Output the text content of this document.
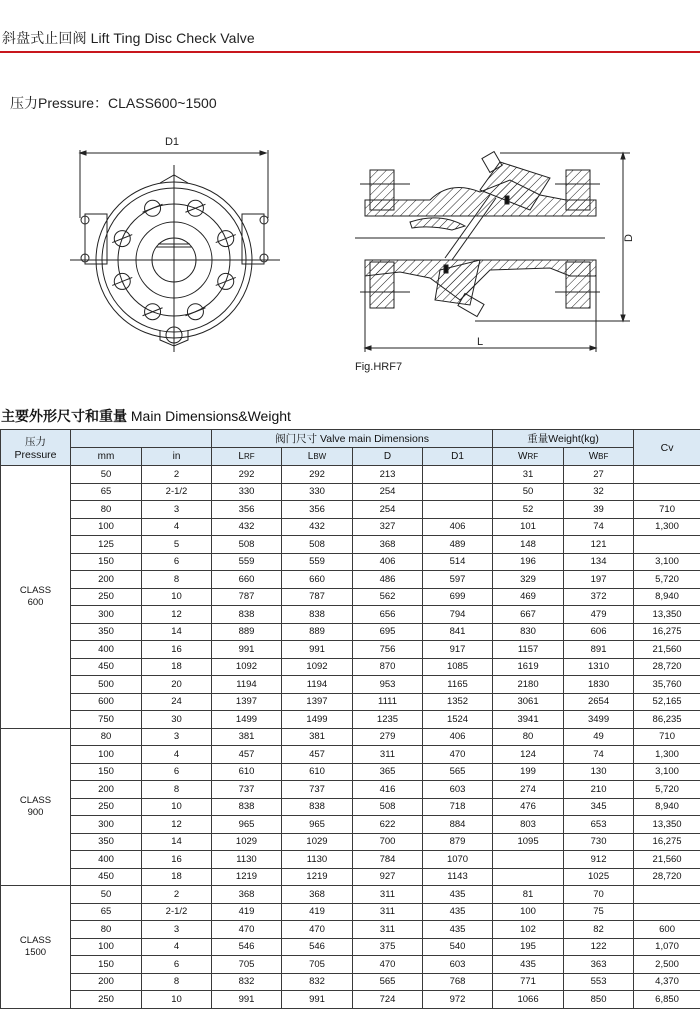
斜盘式止回阀 Lift Ting Disc Check Valve
压力Pressure：CLASS600~1500
D1
D
L
Fig.HRF7
主要外形尺寸和重量 Main Dimensions&Weight
压力
Pressure			阀门尺寸 Valve main Dimensions				重量Weight(kg)		Cv
	mm	in	LRF	LBW	D	D1	WRF	WBF	

CLASS
600	50	2	292	292	213		31	27	
	65	2-1/2	330	330	254		50	32	
	80	3	356	356	254		52	39	710
	100	4	432	432	327	406	101	74	1,300
	125	5	508	508	368	489	148	121	
	150	6	559	559	406	514	196	134	3,100
	200	8	660	660	486	597	329	197	5,720
	250	10	787	787	562	699	469	372	8,940
	300	12	838	838	656	794	667	479	13,350
	350	14	889	889	695	841	830	606	16,275
	400	16	991	991	756	917	1157	891	21,560
	450	18	1092	1092	870	1085	1619	1310	28,720
	500	20	1194	1194	953	1165	2180	1830	35,760
	600	24	1397	1397	1111	1352	3061	2654	52,165
	750	30	1499	1499	1235	1524	3941	3499	86,235

CLASS
900	80	3	381	381	279	406	80	49	710
	100	4	457	457	311	470	124	74	1,300
	150	6	610	610	365	565	199	130	3,100
	200	8	737	737	416	603	274	210	5,720
	250	10	838	838	508	718	476	345	8,940
	300	12	965	965	622	884	803	653	13,350
	350	14	1029	1029	700	879	1095	730	16,275
	400	16	1130	1130	784	1070		912	21,560
	450	18	1219	1219	927	1143		1025	28,720

CLASS
1500	50	2	368	368	311	435	81	70	
	65	2-1/2	419	419	311	435	100	75	
	80	3	470	470	311	435	102	82	600
	100	4	546	546	375	540	195	122	1,070
	150	6	705	705	470	603	435	363	2,500
	200	8	832	832	565	768	771	553	4,370
	250	10	991	991	724	972	1066	850	6,850
